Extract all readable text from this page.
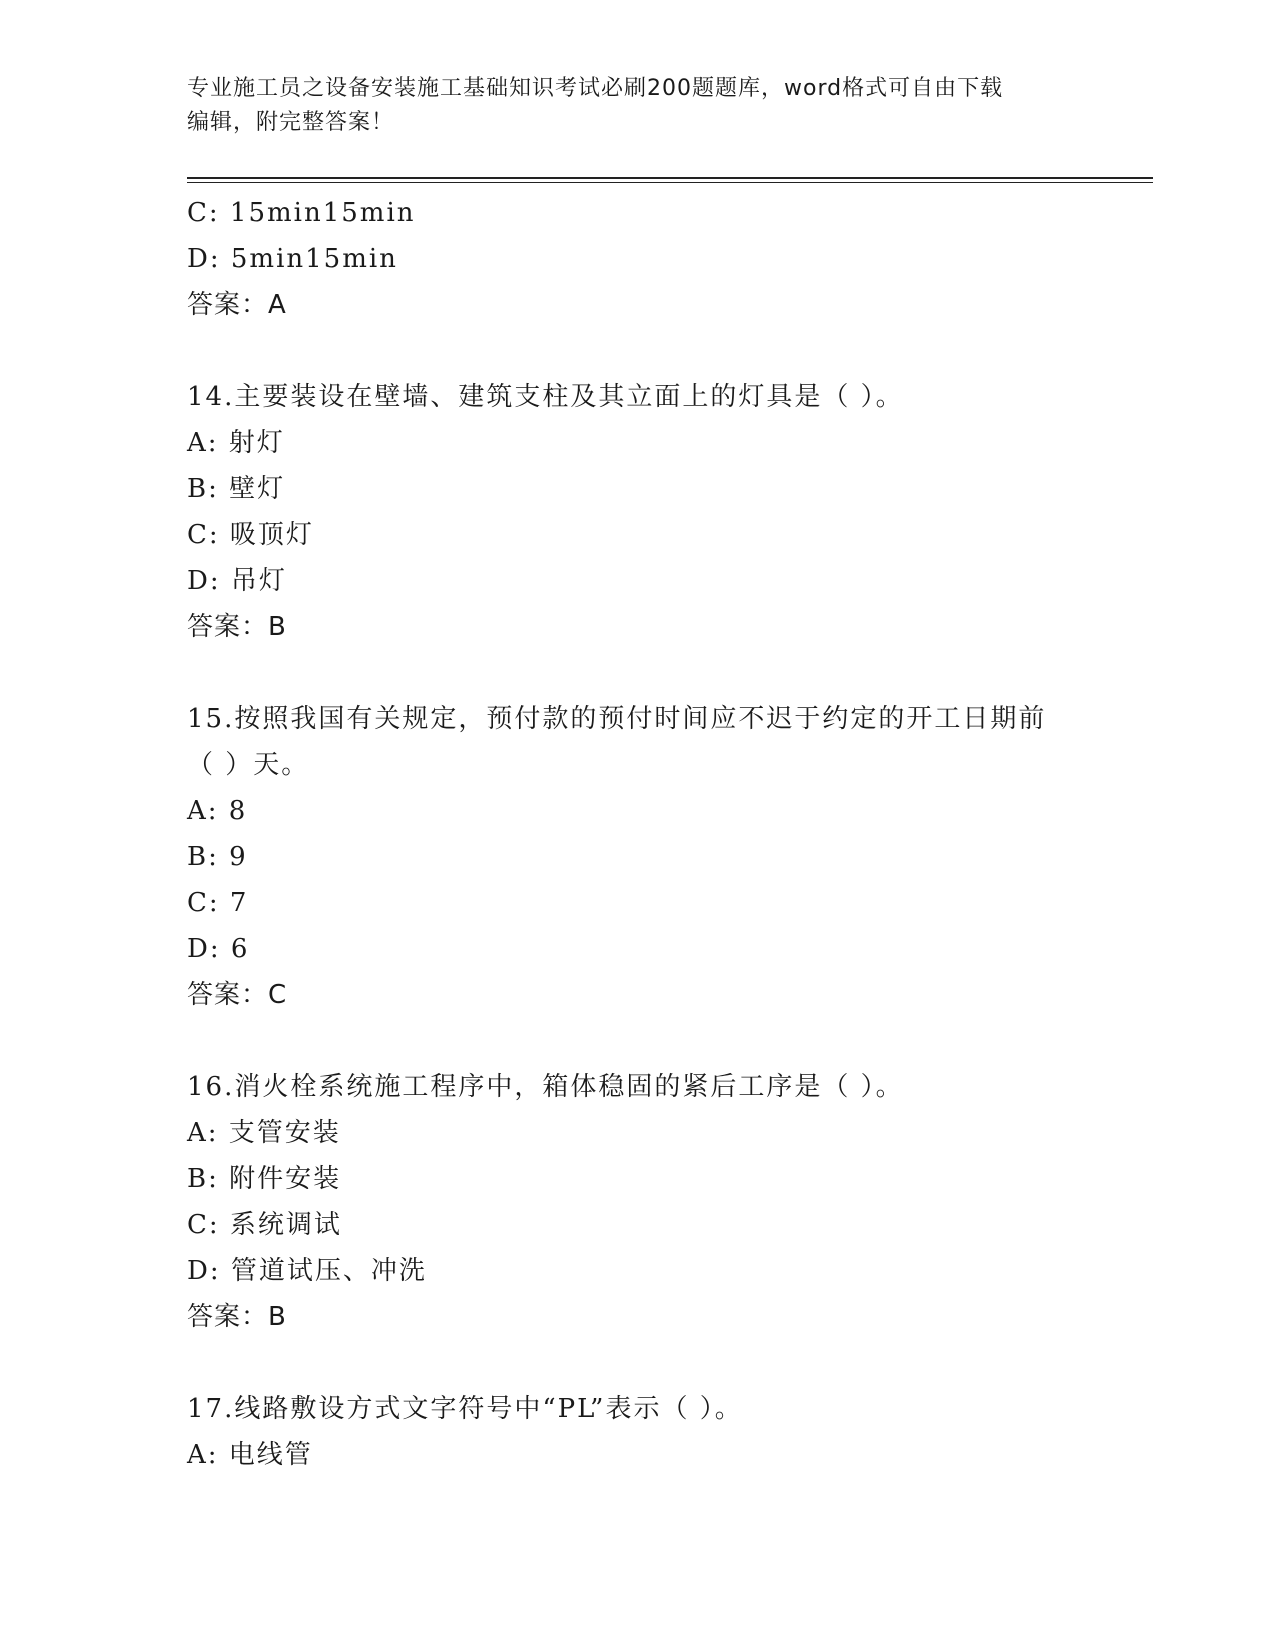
专业施工员之设备安装施工基础知识考试必刷200题题库，word格式可自由下载
编辑，附完整答案！
C: 15min15min
D: 5min15min
答案：A
14.主要装设在壁墙、建筑支柱及其立面上的灯具是（ ）。
A: 射灯
B: 壁灯
C: 吸顶灯
D: 吊灯
答案：B
15.按照我国有关规定，预付款的预付时间应不迟于约定的开工日期前
（ ）天。
A: 8
B: 9
C: 7
D: 6
答案：C
16.消火栓系统施工程序中，箱体稳固的紧后工序是（ ）。
A: 支管安装
B: 附件安装
C: 系统调试
D: 管道试压、冲洗
答案：B
17.线路敷设方式文字符号中“PL”表示（ ）。
A: 电线管
